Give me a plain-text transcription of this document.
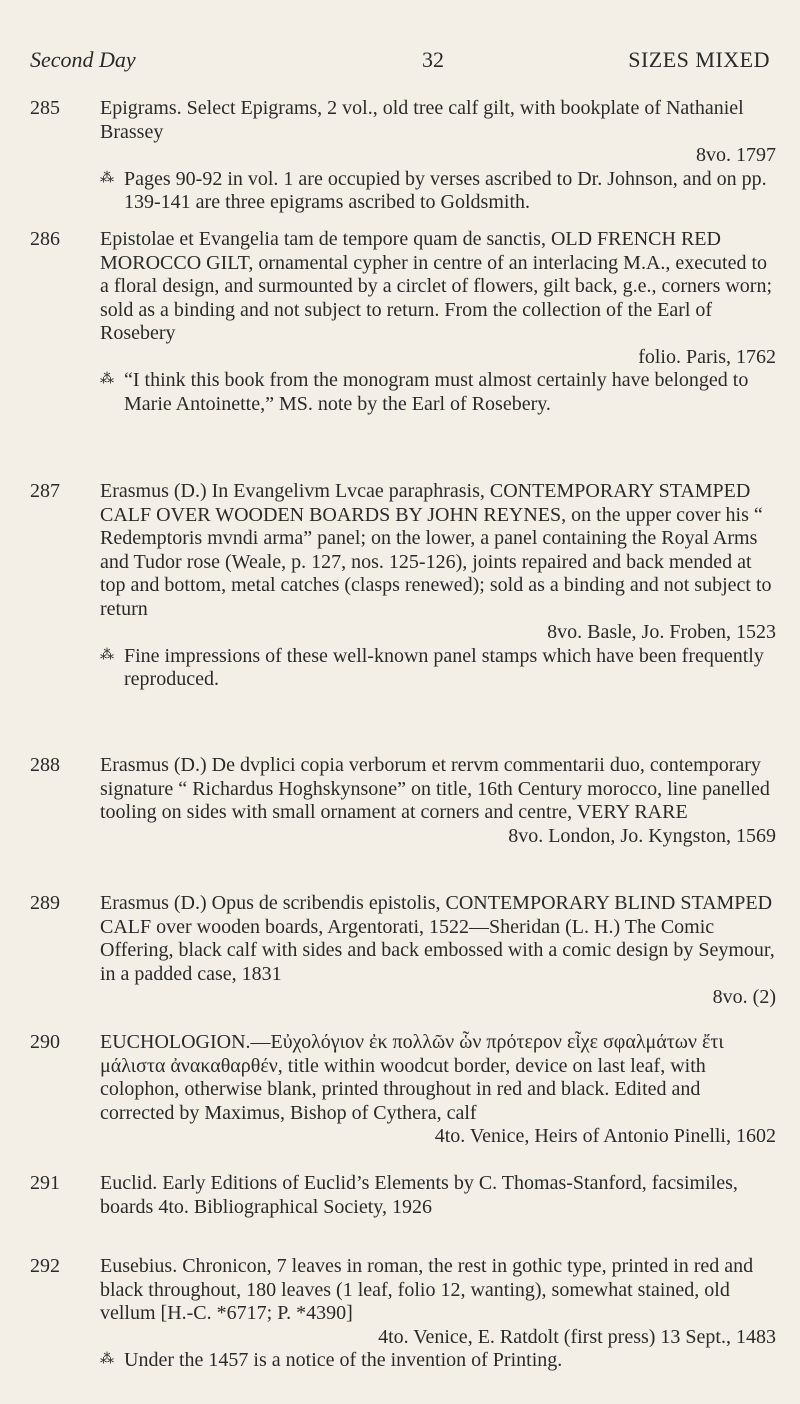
Second Day	32	SIZES MIXED
285	Epigrams. Select Epigrams, 2 vol., old tree calf gilt, with bookplate of Nathaniel Brassey

8vo. 1797

⁂ Pages 90-92 in vol. 1 are occupied by verses ascribed to Dr. Johnson, and on pp. 139-141 are three epigrams ascribed to Goldsmith.
286	Epistolae et Evangelia tam de tempore quam de sanctis, OLD FRENCH RED MOROCCO GILT, ornamental cypher in centre of an interlacing M.A., executed to a floral design, and surmounted by a circlet of flowers, gilt back, g.e., corners worn; sold as a binding and not subject to return. From the collection of the Earl of Rosebery

folio. Paris, 1762

⁂ “I think this book from the monogram must almost certainly have belonged to Marie Antoinette,” MS. note by the Earl of Rosebery.
287	Erasmus (D.) In Evangelivm Lvcae paraphrasis, CONTEMPORARY STAMPED CALF OVER WOODEN BOARDS BY JOHN REYNES, on the upper cover his “ Redemptoris mvndi arma” panel; on the lower, a panel containing the Royal Arms and Tudor rose (Weale, p. 127, nos. 125-126), joints repaired and back mended at top and bottom, metal catches (clasps renewed); sold as a binding and not subject to return

8vo. Basle, Jo. Froben, 1523

⁂ Fine impressions of these well-known panel stamps which have been frequently reproduced.
288	Erasmus (D.) De dvplici copia verborum et rervm commentarii duo, contemporary signature “ Richardus Hoghskynsone” on title, 16th Century morocco, line panelled tooling on sides with small ornament at corners and centre, VERY RARE

8vo. London, Jo. Kyngston, 1569

289	Erasmus (D.) Opus de scribendis epistolis, CONTEMPORARY BLIND STAMPED CALF over wooden boards, Argentorati, 1522—Sheridan (L. H.) The Comic Offering, black calf with sides and back embossed with a comic design by Seymour, in a padded case, 1831

8vo. (2)

290	EUCHOLOGION.—Εὐχολόγιον ἐκ πολλῶν ὧν πρότερον εἶχε σφαλμάτων ἔτι μάλιστα ἀνακαθαρθέν, title within woodcut border, device on last leaf, with colophon, otherwise blank, printed throughout in red and black. Edited and corrected by Maximus, Bishop of Cythera, calf

4to. Venice, Heirs of Antonio Pinelli, 1602

291	Euclid. Early Editions of Euclid’s Elements by C. Thomas-Stanford, facsimiles, boards 4to. Bibliographical Society, 1926

292	Eusebius. Chronicon, 7 leaves in roman, the rest in gothic type, printed in red and black throughout, 180 leaves (1 leaf, folio 12, wanting), somewhat stained, old vellum [H.-C. *6717; P. *4390]

4to. Venice, E. Ratdolt (first press) 13 Sept., 1483

⁂ Under the 1457 is a notice of the invention of Printing.
